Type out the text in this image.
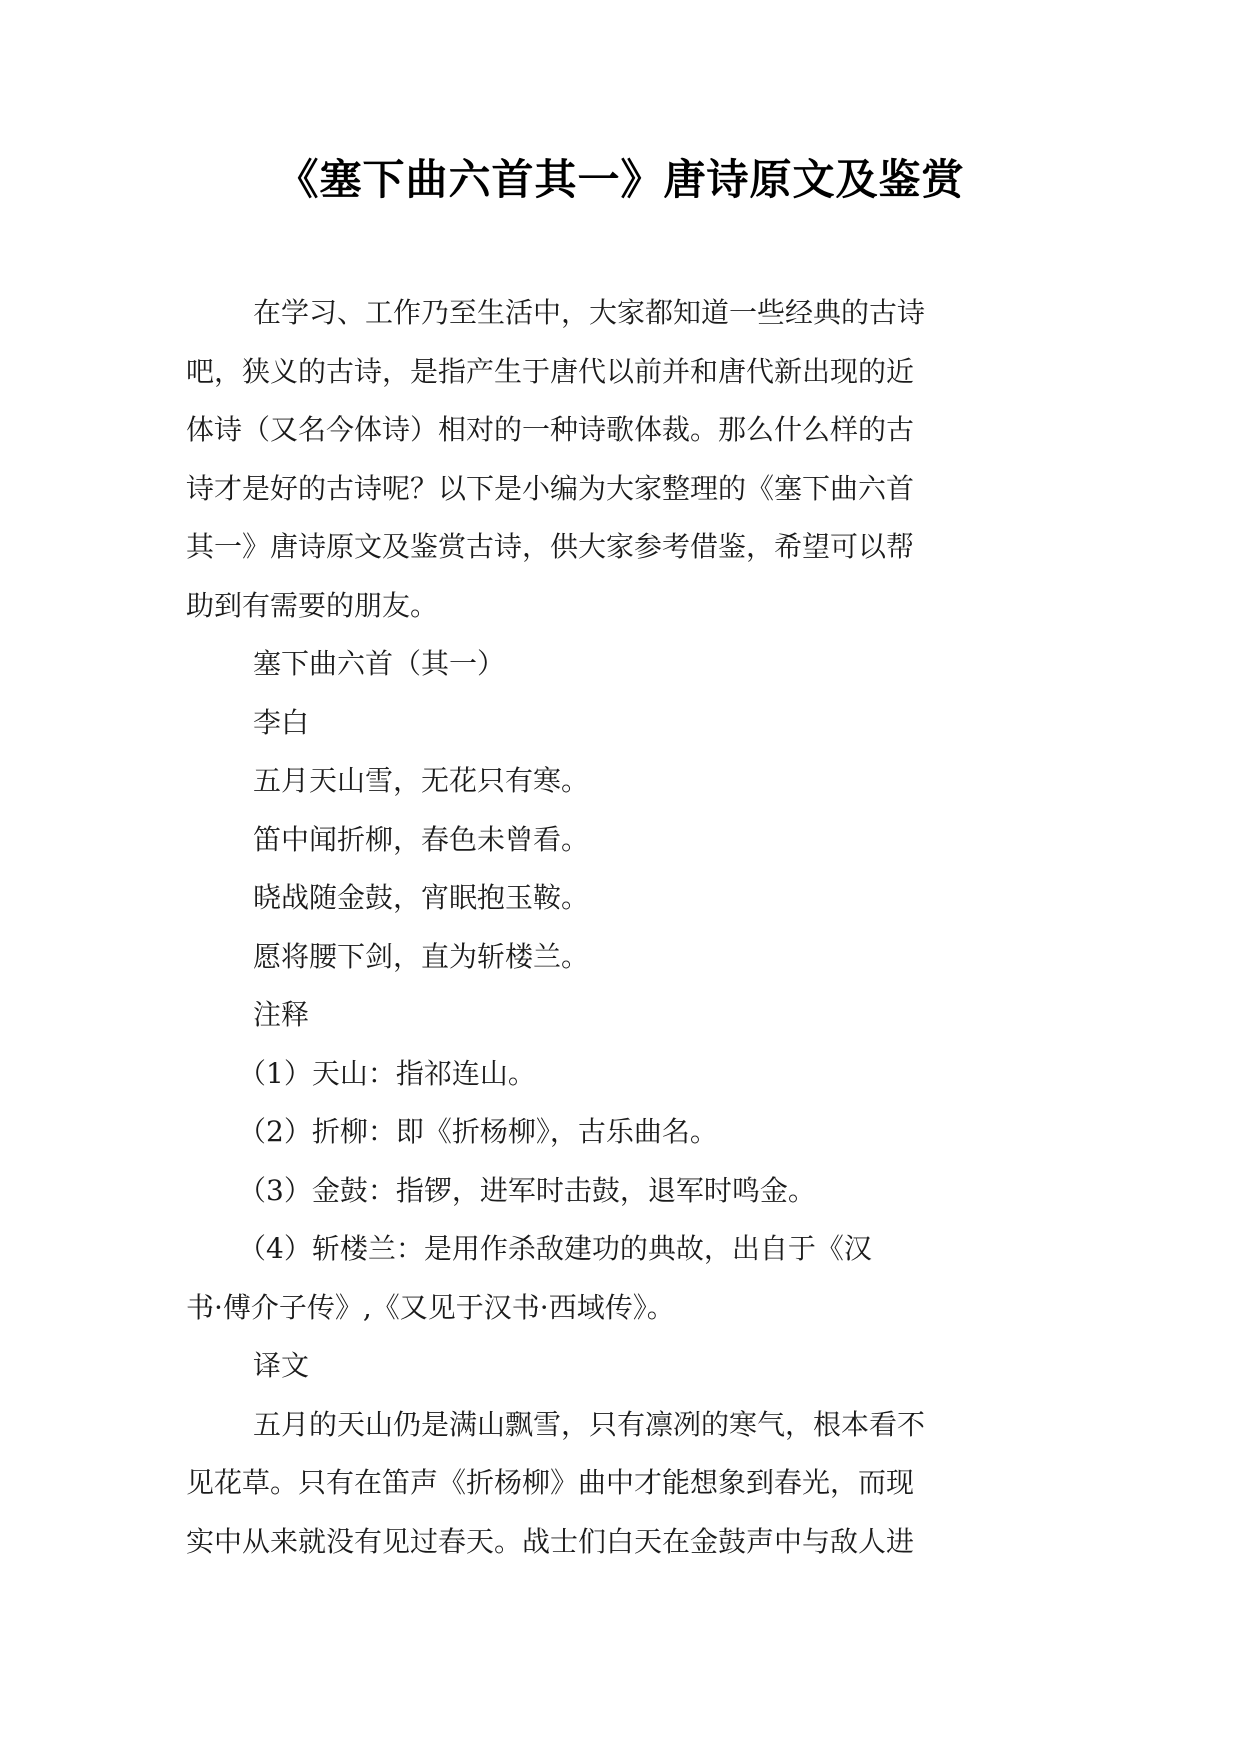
《塞下曲六首其一》唐诗原文及鉴赏
在学习、工作乃至生活中，大家都知道一些经典的古诗
吧，狭义的古诗，是指产生于唐代以前并和唐代新出现的近
体诗（又名今体诗）相对的一种诗歌体裁。那么什么样的古
诗才是好的古诗呢？以下是小编为大家整理的《塞下曲六首
其一》唐诗原文及鉴赏古诗，供大家参考借鉴，希望可以帮
助到有需要的朋友。
塞下曲六首（其一）
李白
五月天山雪，无花只有寒。
笛中闻折柳，春色未曾看。
晓战随金鼓，宵眠抱玉鞍。
愿将腰下剑，直为斩楼兰。
注释
（1）天山：指祁连山。
（2）折柳：即《折杨柳》，古乐曲名。
（3）金鼓：指锣，进军时击鼓，退军时鸣金。
（4）斩楼兰：是用作杀敌建功的典故，出自于《汉
书·傅介子传》,《又见于汉书·西域传》。
译文
五月的天山仍是满山飘雪，只有凛冽的寒气，根本看不
见花草。只有在笛声《折杨柳》曲中才能想象到春光，而现
实中从来就没有见过春天。战士们白天在金鼓声中与敌人进
